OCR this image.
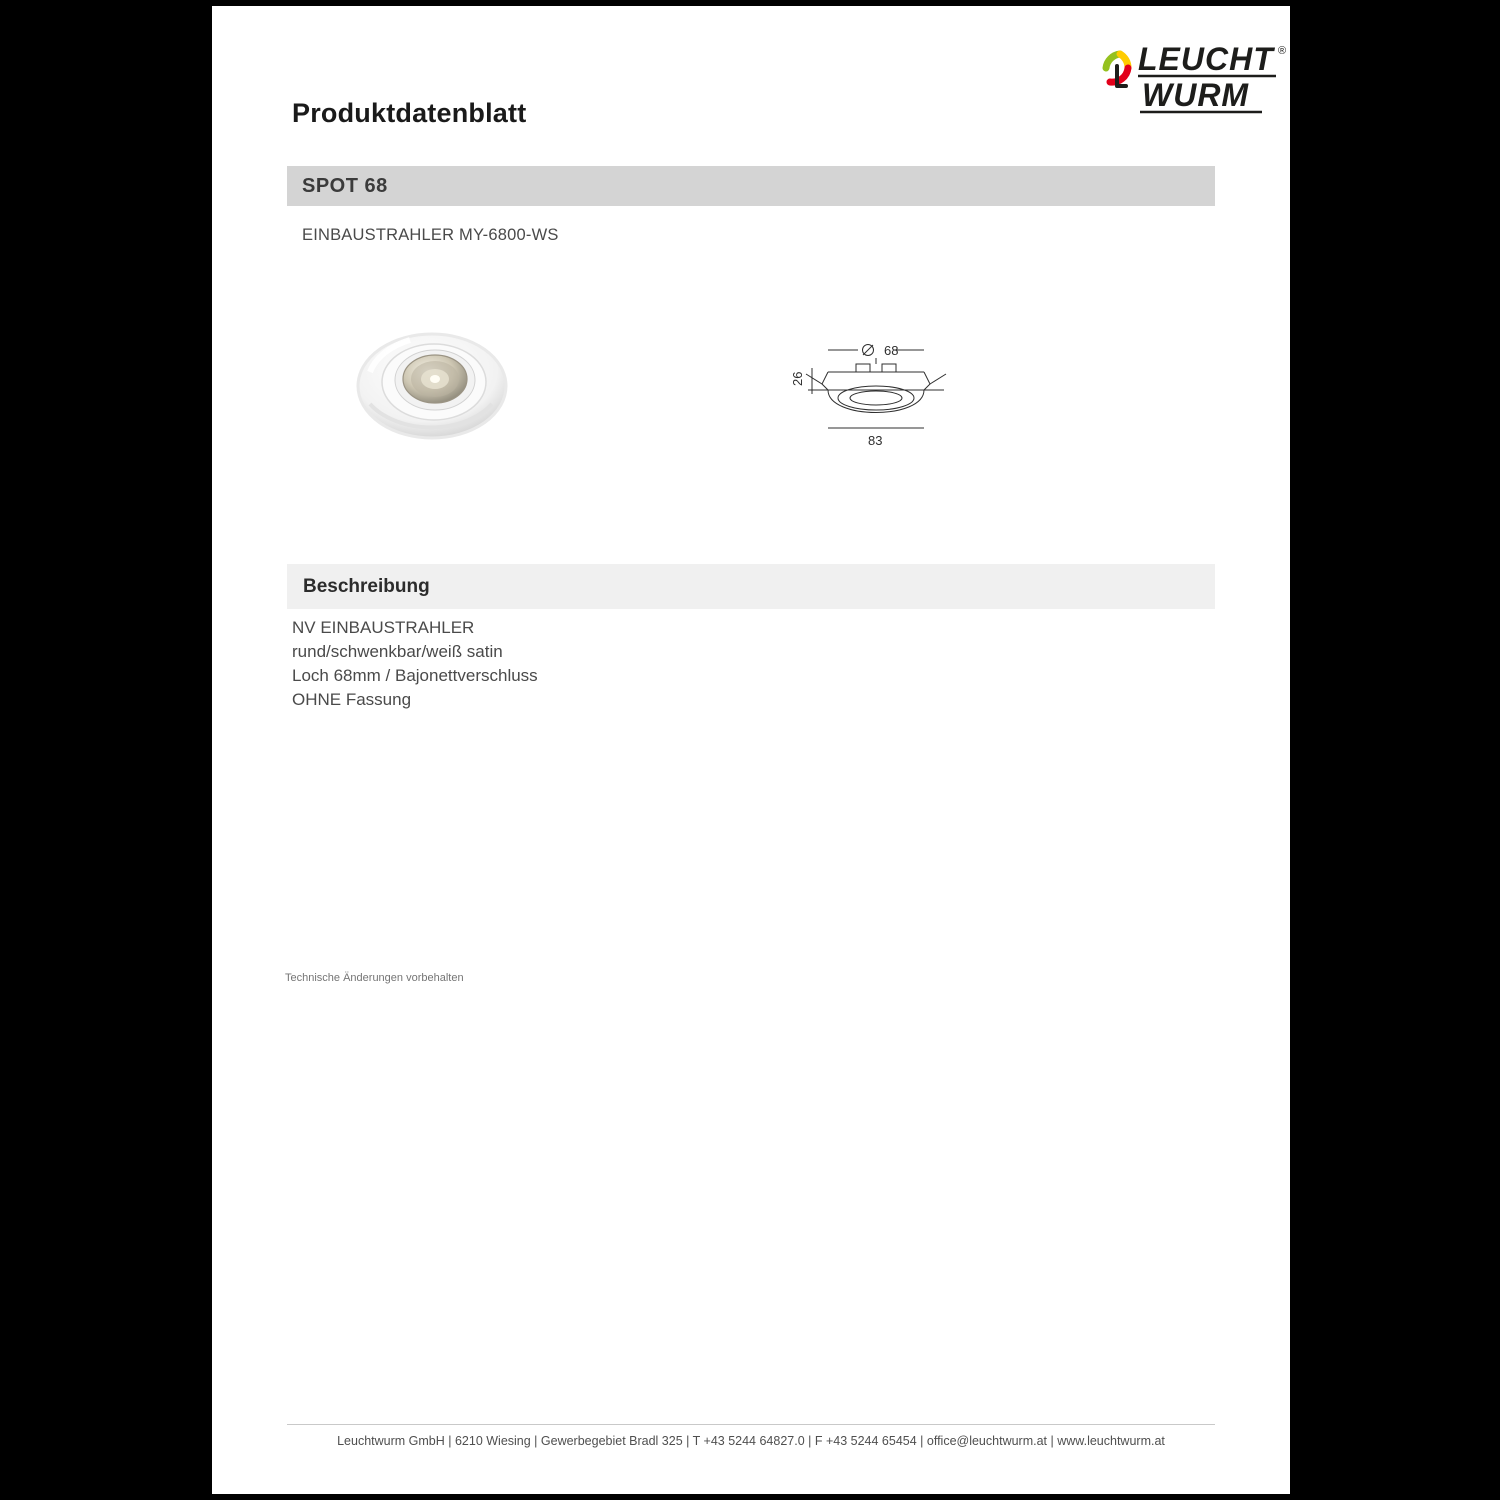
Produktdatenblatt
LEUCHT ®
WURM
SPOT 68
EINBAUSTRAHLER MY-6800-WS
68
26
83
Beschreibung
NV EINBAUSTRAHLER
rund/schwenkbar/weiß satin
Loch 68mm / Bajonettverschluss
OHNE Fassung
Technische Änderungen vorbehalten
Leuchtwurm GmbH | 6210 Wiesing | Gewerbegebiet Bradl 325 | T +43 5244 64827.0 | F +43 5244 65454 | office@leuchtwurm.at | www.leuchtwurm.at
